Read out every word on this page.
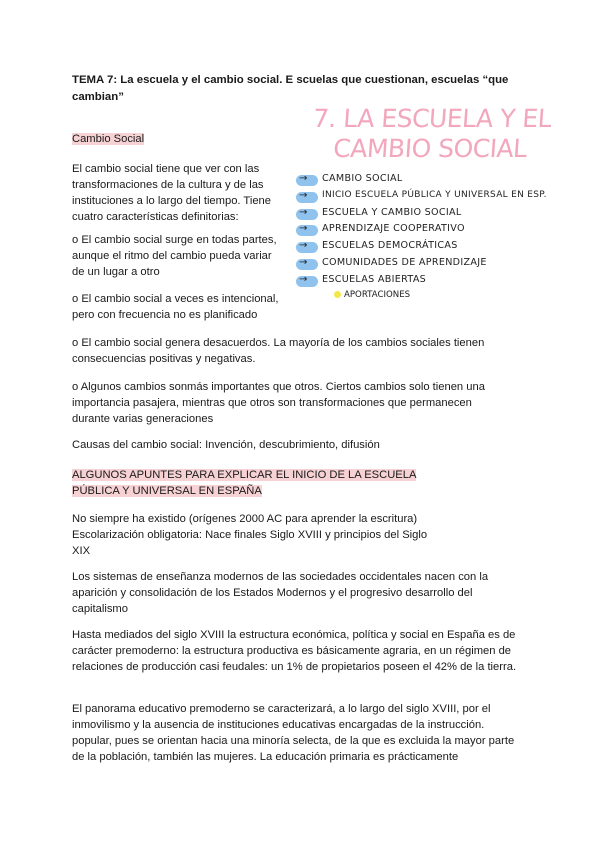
TEMA 7: La escuela y el cambio social. E scuelas que cuestionan, escuelas “que cambian”

Cambio Social

El cambio social tiene que ver con las transformaciones de la cultura y de las instituciones a lo largo del tiempo. Tiene cuatro características definitorias:

o El cambio social surge en todas partes, aunque el ritmo del cambio pueda variar de un lugar a otro

o El cambio social a veces es intencional, pero con frecuencia no es planificado

o El cambio social genera desacuerdos. La mayoría de los cambios sociales tienen consecuencias positivas y negativas.

o Algunos cambios sonmás importantes que otros. Ciertos cambios solo tienen una importancia pasajera, mientras que otros son transformaciones que permanecen durante varias generaciones

Causas del cambio social: Invención, descubrimiento, difusión

ALGUNOS APUNTES PARA EXPLICAR EL INICIO DE LA ESCUELA
PÚBLICA Y UNIVERSAL EN ESPAÑA

No siempre ha existido (orígenes 2000 AC para aprender la escritura) Escolarización obligatoria: Nace finales Siglo XVIII y principios del Siglo XIX

Los sistemas de enseñanza modernos de las sociedades occidentales nacen con la aparición y consolidación de los Estados Modernos y el progresivo desarrollo del capitalismo

Hasta mediados del siglo XVIII la estructura económica, política y social en España es de carácter premoderno: la estructura productiva es básicamente agraria, en un régimen de relaciones de producción casi feudales: un 1% de propietarios poseen el 42% de la tierra.

El panorama educativo premoderno se caracterizará, a lo largo del siglo XVIII, por el inmovilismo y la ausencia de instituciones educativas encargadas de la instrucción. popular, pues se orientan hacia una minoría selecta, de la que es excluida la mayor parte de la población, también las mujeres. La educación primaria es prácticamente

7. LA ESCUELA Y EL CAMBIO SOCIAL
→ CAMBIO SOCIAL
→ INICIO ESCUELA PÚBLICA Y UNIVERSAL EN ESP.
→ ESCUELA Y CAMBIO SOCIAL
→ APRENDIZAJE COOPERATIVO
→ ESCUELAS DEMOCRÁTICAS
→ COMUNIDADES DE APRENDIZAJE
→ ESCUELAS ABIERTAS
APORTACIONES
